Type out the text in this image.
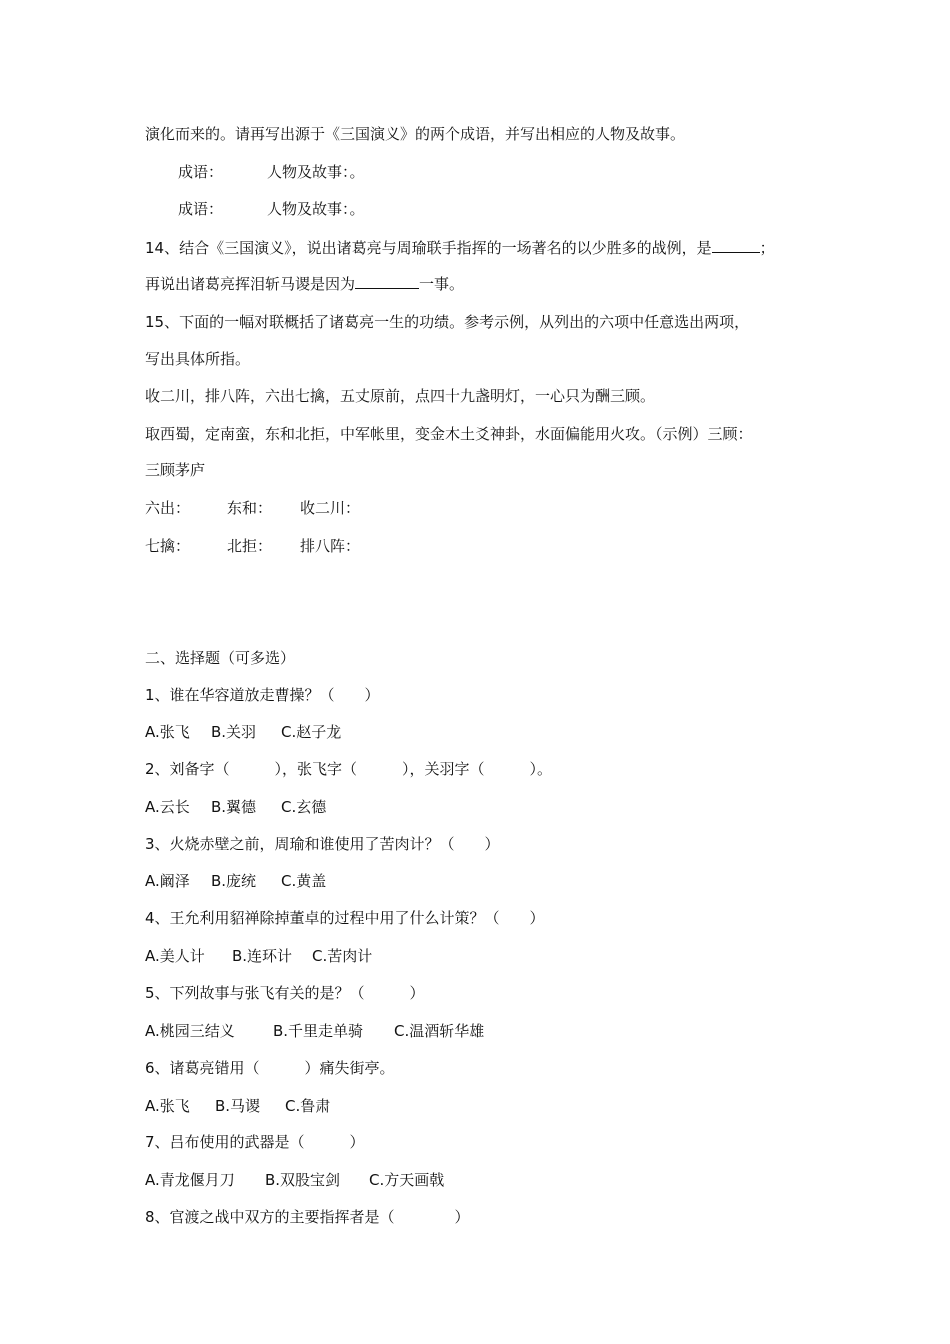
演化而来的。请再写出源于《三国演义》的两个成语，并写出相应的人物及故事。
成语：	人物及故事：。
成语：	人物及故事：。
14、结合《三国演义》，说出诸葛亮与周瑜联手指挥的一场著名的以少胜多的战例，是	；
再说出诸葛亮挥泪斩马谡是因为	一事。
15、下面的一幅对联概括了诸葛亮一生的功绩。参考示例，从列出的六项中任意选出两项，
写出具体所指。
收二川，排八阵，六出七擒，五丈原前，点四十九盏明灯，一心只为酬三顾。
取西蜀，定南蛮，东和北拒，中军帐里，变金木土爻神卦，水面偏能用火攻。（示例）三顾：
三顾茅庐
六出： 东和： 收二川：
七擒： 北拒： 排八阵：
二、选择题（可多选）
1、谁在华容道放走曹操？（　　）
A.张飞 B.关羽 C.赵子龙
2、刘备字（　　　），张飞字（　　　），关羽字（　　　）。
A.云长 B.翼德 C.玄德
3、火烧赤壁之前，周瑜和谁使用了苦肉计？（　　）
A.阚泽 B.庞统 C.黄盖
4、王允利用貂禅除掉董卓的过程中用了什么计策？（　　）
A.美人计 B.连环计 C.苦肉计
5、下列故事与张飞有关的是？（　　　）
A.桃园三结义	B.千里走单骑 C.温酒斩华雄
6、诸葛亮错用（　　　）痛失街亭。
A.张飞 B.马谡 C.鲁肃
7、吕布使用的武器是（　　　）
A.青龙偃月刀 B.双股宝剑 C.方天画戟
8、官渡之战中双方的主要指挥者是（　　　　）
